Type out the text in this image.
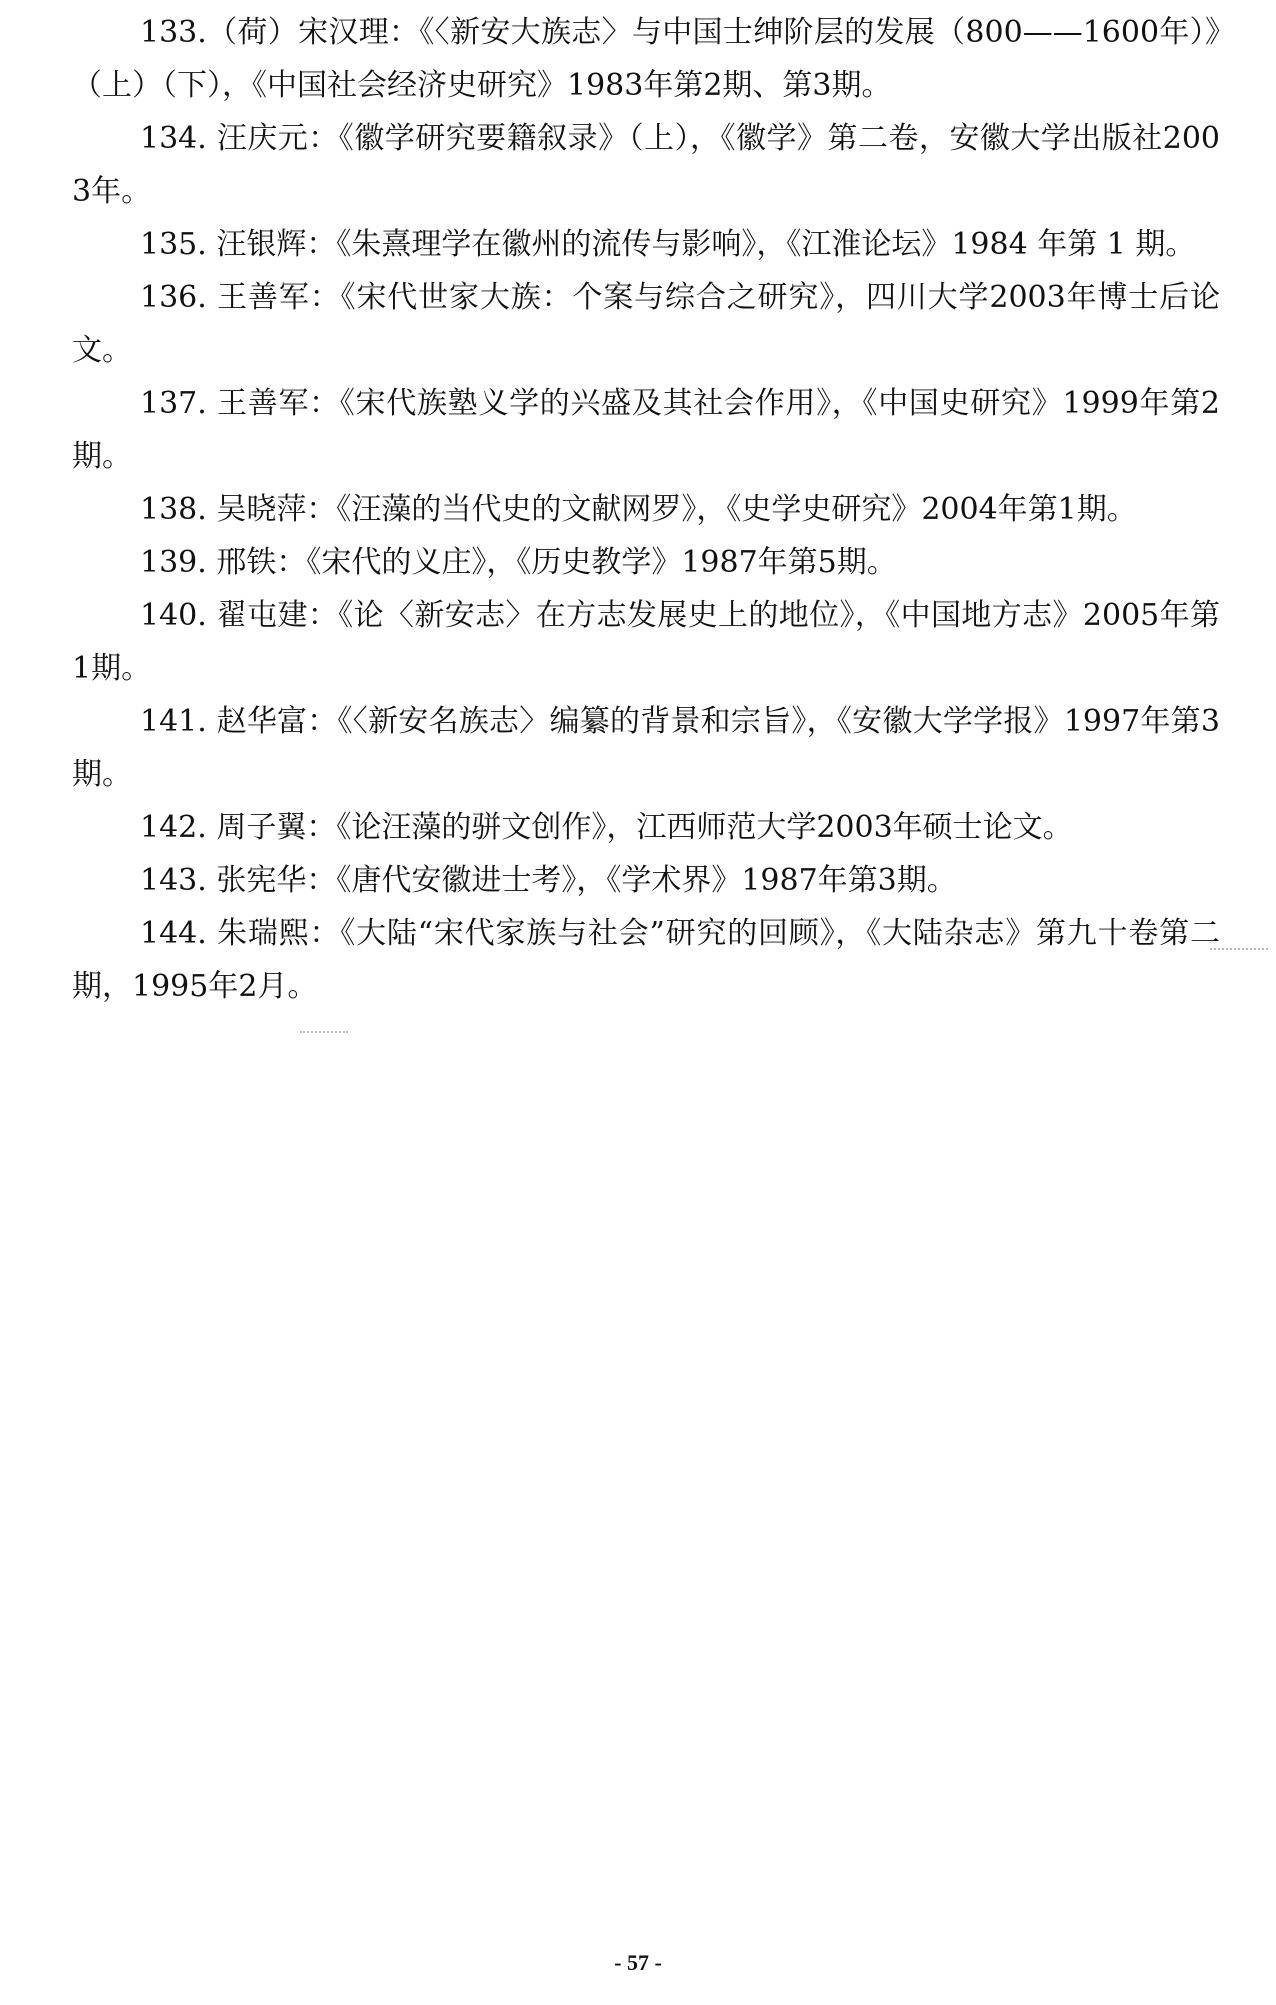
133.（荷）宋汉理：《〈新安大族志〉与中国士绅阶层的发展（800——1600年）》（上）（下），《中国社会经济史研究》1983年第2期、第3期。
134. 汪庆元：《徽学研究要籍叙录》（上），《徽学》第二卷，安徽大学出版社2003年。
135. 汪银辉：《朱熹理学在徽州的流传与影响》，《江淮论坛》1984 年第 1 期。
136. 王善军：《宋代世家大族：个案与综合之研究》，四川大学2003年博士后论文。
137. 王善军：《宋代族塾义学的兴盛及其社会作用》，《中国史研究》1999年第2期。
138. 吴晓萍：《汪藻的当代史的文献网罗》，《史学史研究》2004年第1期。
139. 邢铁：《宋代的义庄》，《历史教学》1987年第5期。
140. 翟屯建：《论〈新安志〉在方志发展史上的地位》，《中国地方志》2005年第1期。
141. 赵华富：《〈新安名族志〉编纂的背景和宗旨》，《安徽大学学报》1997年第3期。
142. 周子翼：《论汪藻的骈文创作》，江西师范大学2003年硕士论文。
143. 张宪华：《唐代安徽进士考》，《学术界》1987年第3期。
144. 朱瑞熙：《大陆“宋代家族与社会”研究的回顾》，《大陆杂志》第九十卷第二期，1995年2月。
- 57 -
